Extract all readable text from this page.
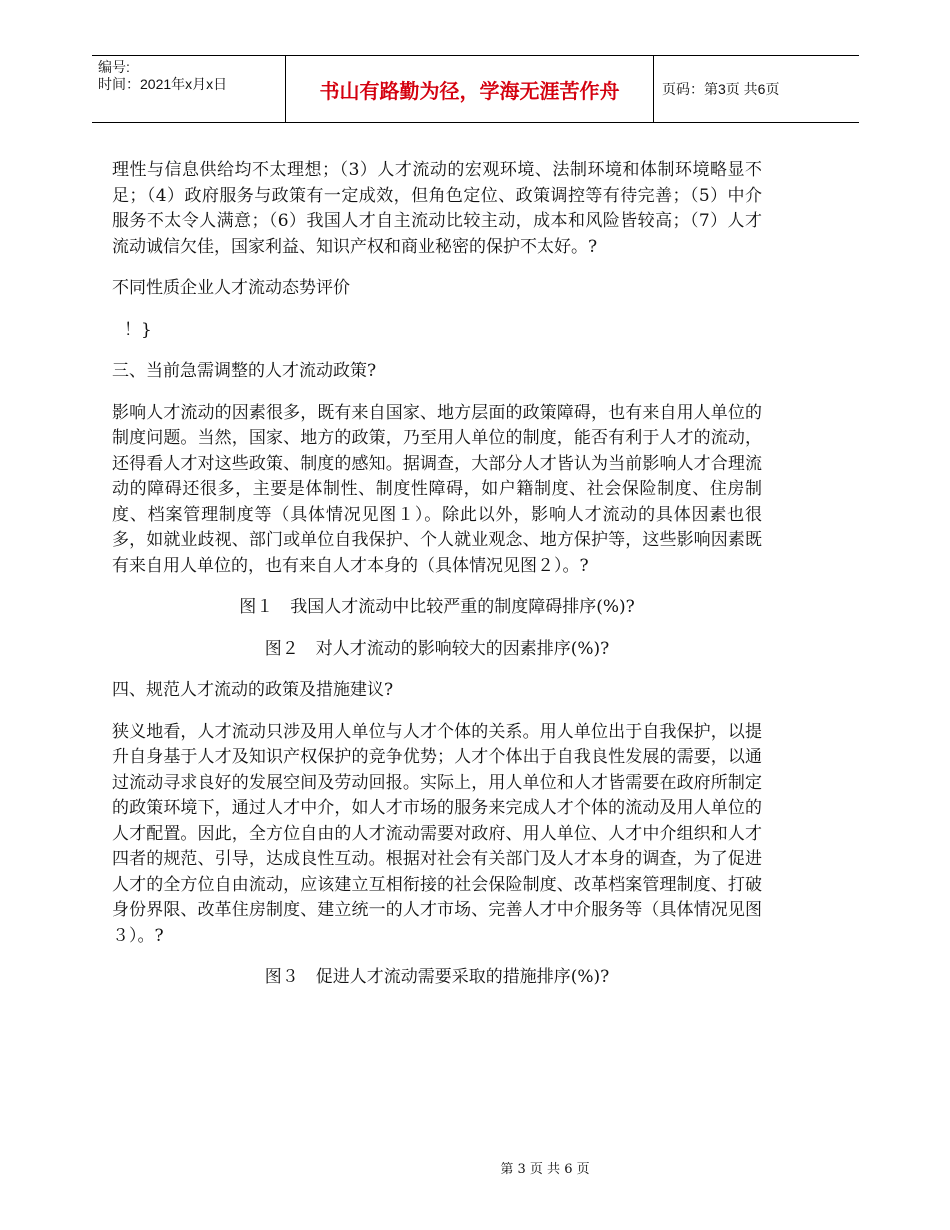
编号:
时间：2021年x月x日	书山有路勤为径，学海无涯苦作舟	页码：第3页 共6页

理性与信息供给均不太理想；（3）人才流动的宏观环境、法制环境和体制环境略显不足；（4）政府服务与政策有一定成效，但角色定位、政策调控等有待完善；（5）中介服务不太令人满意；（6）我国人才自主流动比较主动，成本和风险皆较高；（7）人才流动诚信欠佳，国家利益、知识产权和商业秘密的保护不太好。?

不同性质企业人才流动态势评价

！}

三、当前急需调整的人才流动政策?

影响人才流动的因素很多，既有来自国家、地方层面的政策障碍，也有来自用人单位的制度问题。当然，国家、地方的政策，乃至用人单位的制度，能否有利于人才的流动，还得看人才对这些政策、制度的感知。据调查，大部分人才皆认为当前影响人才合理流动的障碍还很多，主要是体制性、制度性障碍，如户籍制度、社会保险制度、住房制度、档案管理制度等（具体情况见图１）。除此以外，影响人才流动的具体因素也很多，如就业歧视、部门或单位自我保护、个人就业观念、地方保护等，这些影响因素既有来自用人单位的，也有来自人才本身的（具体情况见图２）。?

图１　我国人才流动中比较严重的制度障碍排序(%)?

图２　对人才流动的影响较大的因素排序(%)?

四、规范人才流动的政策及措施建议?

狭义地看，人才流动只涉及用人单位与人才个体的关系。用人单位出于自我保护，以提升自身基于人才及知识产权保护的竞争优势；人才个体出于自我良性发展的需要，以通过流动寻求良好的发展空间及劳动回报。实际上，用人单位和人才皆需要在政府所制定的政策环境下，通过人才中介，如人才市场的服务来完成人才个体的流动及用人单位的人才配置。因此，全方位自由的人才流动需要对政府、用人单位、人才中介组织和人才四者的规范、引导，达成良性互动。根据对社会有关部门及人才本身的调查，为了促进人才的全方位自由流动，应该建立互相衔接的社会保险制度、改革档案管理制度、打破身份界限、改革住房制度、建立统一的人才市场、完善人才中介服务等（具体情况见图３）。?

图３　促进人才流动需要采取的措施排序(%)?

第 3 页 共 6 页
